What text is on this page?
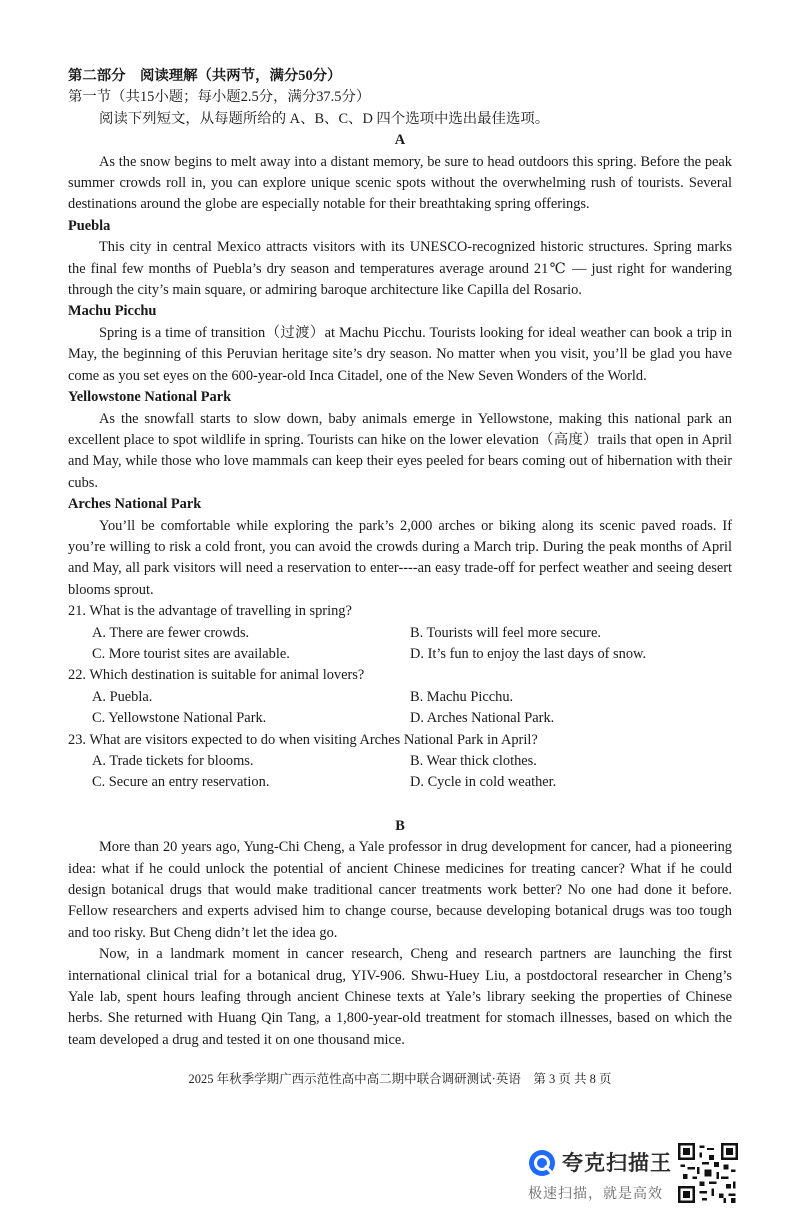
第二部分　阅读理解（共两节，满分50分）

第一节（共15小题；每小题2.5分，满分37.5分）

阅读下列短文，从每题所给的 A、B、C、D 四个选项中选出最佳选项。

A

As the snow begins to melt away into a distant memory, be sure to head outdoors this spring. Before the peak summer crowds roll in, you can explore unique scenic spots without the overwhelming rush of tourists. Several destinations around the globe are especially notable for their breathtaking spring offerings.

Puebla

This city in central Mexico attracts visitors with its UNESCO-recognized historic structures. Spring marks the final few months of Puebla’s dry season and temperatures average around 21℃ — just right for wandering through the city’s main square, or admiring baroque architecture like Capilla del Rosario.

Machu Picchu

Spring is a time of transition（过渡）at Machu Picchu. Tourists looking for ideal weather can book a trip in May, the beginning of this Peruvian heritage site’s dry season. No matter when you visit, you’ll be glad you have come as you set eyes on the 600-year-old Inca Citadel, one of the New Seven Wonders of the World.

Yellowstone National Park

As the snowfall starts to slow down, baby animals emerge in Yellowstone, making this national park an excellent place to spot wildlife in spring. Tourists can hike on the lower elevation（高度）trails that open in April and May, while those who love mammals can keep their eyes peeled for bears coming out of hibernation with their cubs.

Arches National Park

You’ll be comfortable while exploring the park’s 2,000 arches or biking along its scenic paved roads. If you’re willing to risk a cold front, you can avoid the crowds during a March trip. During the peak months of April and May, all park visitors will need a reservation to enter----an easy trade-off for perfect weather and seeing desert blooms sprout.

21. What is the advantage of travelling in spring?

A. There are fewer crowds.	B. Tourists will feel more secure.

C. More tourist sites are available.	D. It’s fun to enjoy the last days of snow.

22. Which destination is suitable for animal lovers?

A. Puebla.	B. Machu Picchu.

C. Yellowstone National Park.	D. Arches National Park.

23. What are visitors expected to do when visiting Arches National Park in April?

A. Trade tickets for blooms.	B. Wear thick clothes.

C. Secure an entry reservation.	D. Cycle in cold weather.

B

More than 20 years ago, Yung-Chi Cheng, a Yale professor in drug development for cancer, had a pioneering idea: what if he could unlock the potential of ancient Chinese medicines for treating cancer? What if he could design botanical drugs that would make traditional cancer treatments work better? No one had done it before. Fellow researchers and experts advised him to change course, because developing botanical drugs was too tough and too risky. But Cheng didn’t let the idea go.

Now, in a landmark moment in cancer research, Cheng and research partners are launching the first international clinical trial for a botanical drug, YIV-906. Shwu-Huey Liu, a postdoctoral researcher in Cheng’s Yale lab, spent hours leafing through ancient Chinese texts at Yale’s library seeking the properties of Chinese herbs. She returned with Huang Qin Tang, a 1,800-year-old treatment for stomach illnesses, based on which the team developed a drug and tested it on one thousand mice.

2025 年秋季学期广西示范性高中高二期中联合调研测试·英语　第 3 页 共 8 页
夸克扫描王
极速扫描，就是高效
